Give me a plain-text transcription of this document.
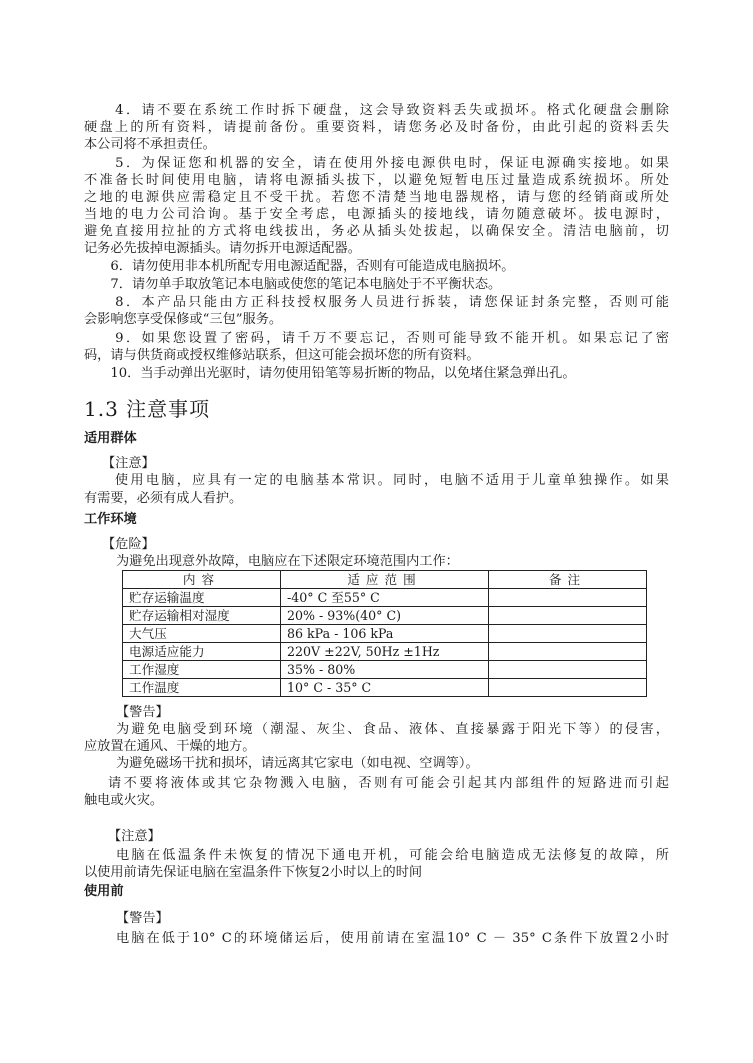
　　4．请不要在系统工作时拆下硬盘，这会导致资料丢失或损坏。格式化硬盘会删除
硬盘上的所有资料，请提前备份。重要资料，请您务必及时备份，由此引起的资料丢失
本公司将不承担责任。
　　5．为保证您和机器的安全，请在使用外接电源供电时，保证电源确实接地。如果
不准备长时间使用电脑，请将电源插头拔下，以避免短暂电压过量造成系统损坏。所处
之地的电源供应需稳定且不受干扰。若您不清楚当地电器规格，请与您的经销商或所处
当地的电力公司洽询。基于安全考虑，电源插头的接地线，请勿随意破坏。拔电源时，
避免直接用拉扯的方式将电线拔出，务必从插头处拔起，以确保安全。清洁电脑前，切
记务必先拔掉电源插头。请勿拆开电源适配器。
　　6．请勿使用非本机所配专用电源适配器，否则有可能造成电脑损坏。
　　7．请勿单手取放笔记本电脑或使您的笔记本电脑处于不平衡状态。
　　8．本产品只能由方正科技授权服务人员进行拆装，请您保证封条完整，否则可能
会影响您享受保修或“三包”服务。
　　9．如果您设置了密码，请千万不要忘记，否则可能导致不能开机。如果忘记了密
码，请与供货商或授权维修站联系，但这可能会损坏您的所有资料。
　　10．当手动弹出光驱时，请勿使用铅笔等易折断的物品，以免堵住紧急弹出孔。
1.3 注意事项
适用群体
【注意】
　　使用电脑，应具有一定的电脑基本常识。同时，电脑不适用于儿童单独操作。如果
有需要，必须有成人看护。
工作环境
【危险】
为避免出现意外故障，电脑应在下述限定环境范围内工作：
内容	适应范围	备注
贮存运输温度	-40° C 至55° C	
贮存运输相对湿度	20% - 93%(40° C)	
大气压	86 kPa - 106 kPa	
电源适应能力	220V ±22V, 50Hz ±1Hz	
工作湿度	35% - 80%	
工作温度	10° C - 35° C	
【警告】
为避免电脑受到环境（潮湿、灰尘、食品、液体、直接暴露于阳光下等）的侵害，
应放置在通风、干燥的地方。
为避免磁场干扰和损坏，请远离其它家电（如电视、空调等）。
请不要将液体或其它杂物溅入电脑，否则有可能会引起其内部组件的短路进而引起
触电或火灾。
【注意】
电脑在低温条件未恢复的情况下通电开机，可能会给电脑造成无法修复的故障，所
以使用前请先保证电脑在室温条件下恢复2小时以上的时间
使用前
【警告】
电脑在低于10° C的环境储运后，使用前请在室温10° C － 35° C条件下放置2小时
